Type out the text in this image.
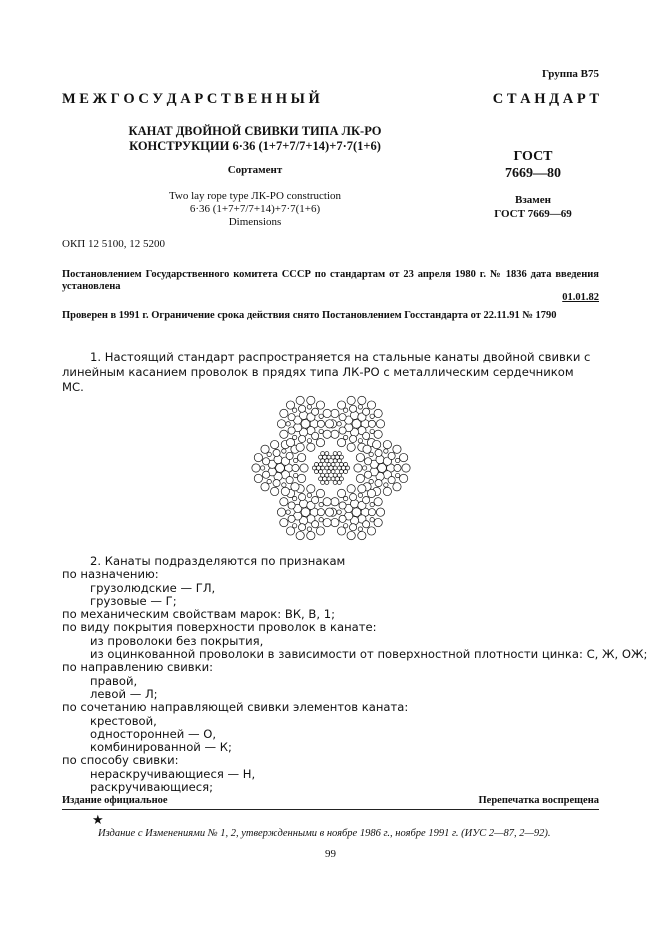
Группа В75
М Е Ж Г О С У Д А Р С Т В Е Н Н Ы Й	С Т А Н Д А Р Т
КАНАТ ДВОЙНОЙ СВИВКИ ТИПА ЛК-РО
КОНСТРУКЦИИ 6·36 (1+7+7/7+14)+7·7(1+6)
Сортамент
Two lay rope type ЛК-РО construction
6·36 (1+7+7/7+14)+7·7(1+6)
Dimensions
ГОСТ
7669—80
Взамен
ГОСТ 7669—69
ОКП 12 5100, 12 5200
Постановлением Государственного комитета СССР по стандартам от 23 апреля 1980 г. № 1836 дата введения установлена
01.01.82
Проверен в 1991 г. Ограничение срока действия снято Постановлением Госстандарта от 22.11.91 № 1790
1. Настоящий стандарт распространяется на стальные канаты двойной свивки с линейным касанием проволок в прядях типа ЛК-РО с металлическим сердечником МС.
2. Канаты подразделяются по признакам
по назначению:
грузолюдские — ГЛ,
грузовые — Г;
по механическим свойствам марок: ВК, В, 1;
по виду покрытия поверхности проволок в канате:
из проволоки без покрытия,
из оцинкованной проволоки в зависимости от поверхностной плотности цинка: С, Ж, ОЖ;
по направлению свивки:
правой,
левой — Л;
по сочетанию направляющей свивки элементов каната:
крестовой,
односторонней — О,
комбинированной — К;
по способу свивки:
нераскручивающиеся — Н,
раскручивающиеся;
Издание официальное	Перепечатка воспрещена
★
Издание с Изменениями № 1, 2, утвержденными в ноябре 1986 г., ноябре 1991 г. (ИУС 2—87, 2—92).
99
